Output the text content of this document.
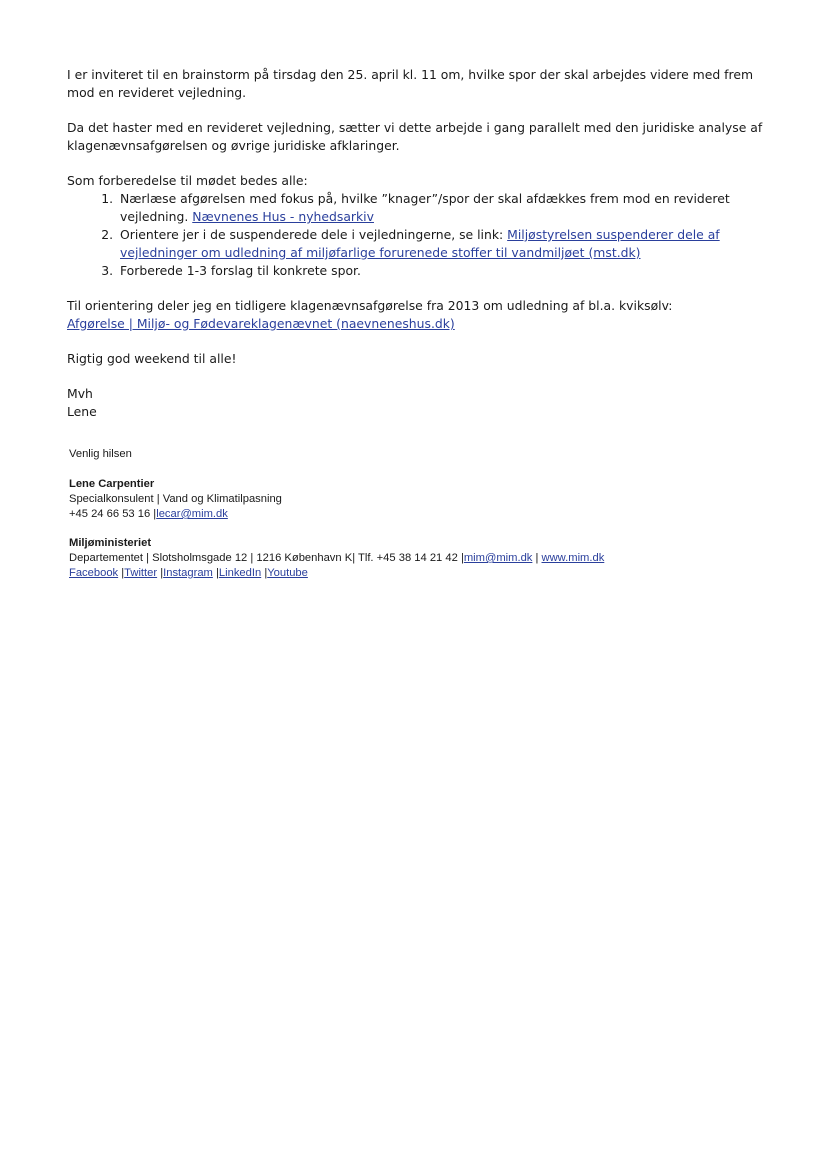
I er inviteret til en brainstorm på tirsdag den 25. april kl. 11 om, hvilke spor der skal arbejdes videre med frem mod en revideret vejledning.

Da det haster med en revideret vejledning, sætter vi dette arbejde i gang parallelt med den juridiske analyse af klagenævnsafgørelsen og øvrige juridiske afklaringer.

Som forberedelse til mødet bedes alle:

1. Nærlæse afgørelsen med fokus på, hvilke ”knager”/spor der skal afdækkes frem mod en revideret vejledning. Nævnenes Hus - nyhedsarkiv
2. Orientere jer i de suspenderede dele i vejledningerne, se link: Miljøstyrelsen suspenderer dele af vejledninger om udledning af miljøfarlige forurenede stoffer til vandmiljøet (mst.dk)
3. Forberede 1-3 forslag til konkrete spor.

Til orientering deler jeg en tidligere klagenævnsafgørelse fra 2013 om udledning af bl.a. kviksølv:

Afgørelse | Miljø- og Fødevareklagenævnet (naevneneshus.dk)

Rigtig god weekend til alle!

Mvh

Lene

Venlig hilsen

Lene Carpentier

Specialkonsulent | Vand og Klimatilpasning

+45 24 66 53 16 |lecar@mim.dk

Miljøministeriet

Departementet | Slotsholmsgade 12 | 1216 København K| Tlf. +45 38 14 21 42 |mim@mim.dk | www.mim.dk

Facebook |Twitter |Instagram |LinkedIn |Youtube
